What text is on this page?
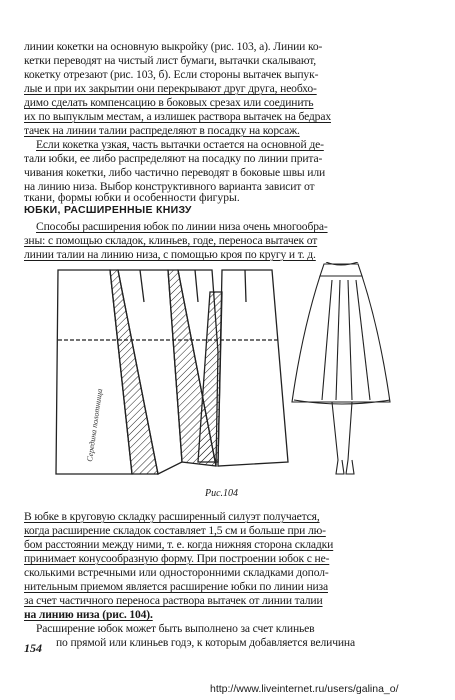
линии кокетки на основную выкройку (рис. 103, а). Линии ко-
кетки переводят на чистый лист бумаги, вытачки скалывают,
кокетку отрезают (рис. 103, б). Если стороны вытачек выпук-
лые и при их закрытии они перекрывают друг друга, необхо-
димо сделать компенсацию в боковых срезах или соединить
их по выпуклым местам, а излишек раствора вытачек на бедрах
тачек на линии талии распределяют в посадку на корсаж.
Если кокетка узкая, часть вытачки остается на основной де-
тали юбки, ее либо распределяют на посадку по линии прита-
чивания кокетки, либо частично переводят в боковые швы или
на линию низа. Выбор конструктивного варианта зависит от
ЮБКИ, РАСШИРЕННЫЕ КНИЗУ
Способы расширения юбок по линии низа очень многообра-
зны: с помощью складок, клиньев, годе, переноса вытачек от
линии талии на линию низа, с помощью кроя по кругу и т. д.
Середина полотнища
Рис.104
В юбке в круговую складку расширенный силуэт получается,
когда расширение складок составляет 1,5 см и больше при лю-
бом расстоянии между ними, т. е. когда нижняя сторона складки
принимает конусообразную форму. При построении юбок с не-
сколькими встречными или односторонними складками допол-
нительным приемом является расширение юбки по линии низа
за счет частичного переноса раствора вытачек от линии талии
на линию низа (рис. 104).
Расширение юбок может быть выполнено за счет клиньев
по прямой или клиньев годэ, к которым добавляется величина
154
http://www.liveinternet.ru/users/galina_o/
ткани, формы юбки и особенности фигуры.
